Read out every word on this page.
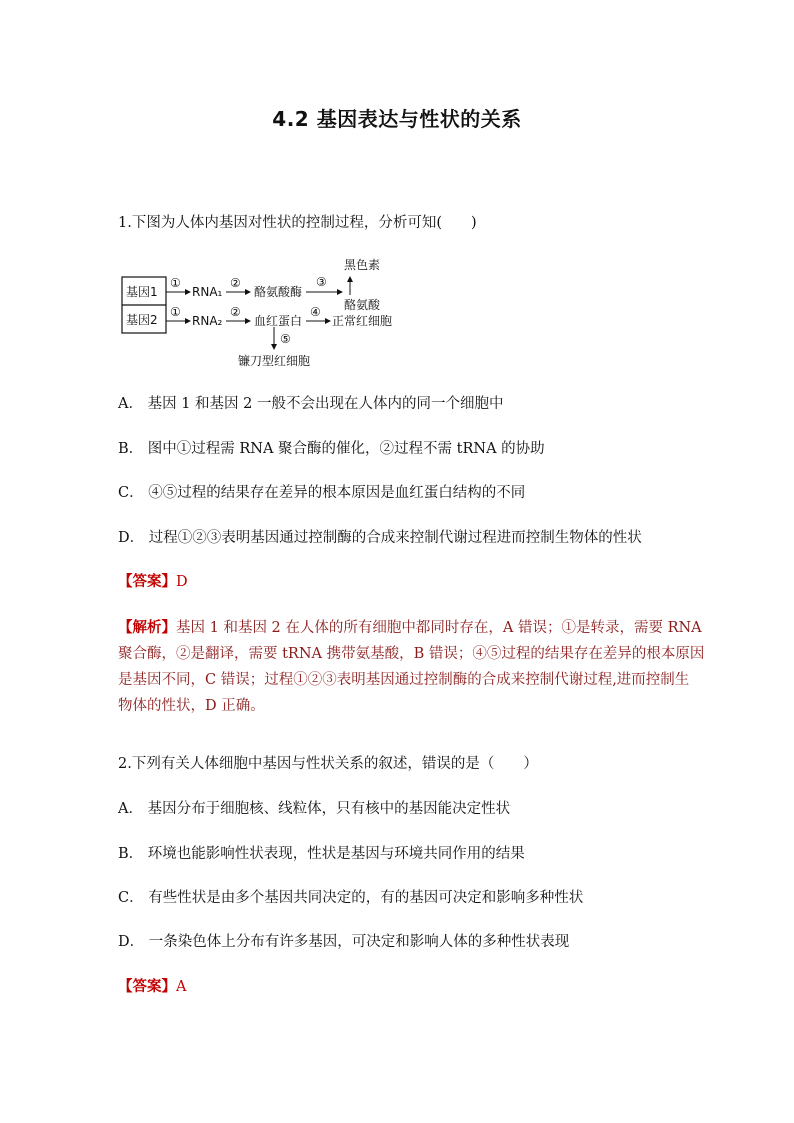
4.2 基因表达与性状的关系
1.下图为人体内基因对性状的控制过程，分析可知(　　)
基因1
基因2
①
RNA₁
②
酪氨酸酶
③
黑色素
酪氨酸
①
RNA₂
②
血红蛋白
④
正常红细胞
⑤
镰刀型红细胞
A． 基因 1 和基因 2 一般不会出现在人体内的同一个细胞中
B． 图中①过程需 RNA 聚合酶的催化，②过程不需 tRNA 的协助
C． ④⑤过程的结果存在差异的根本原因是血红蛋白结构的不同
D． 过程①②③表明基因通过控制酶的合成来控制代谢过程进而控制生物体的性状
【答案】D
【解析】基因 1 和基因 2 在人体的所有细胞中都同时存在，A 错误；①是转录，需要 RNA
聚合酶，②是翻译，需要 tRNA 携带氨基酸，B 错误；④⑤过程的结果存在差异的根本原因
是基因不同，C 错误；过程①②③表明基因通过控制酶的合成来控制代谢过程,进而控制生
物体的性状，D 正确。
2.下列有关人体细胞中基因与性状关系的叙述，错误的是（　　）
A． 基因分布于细胞核、线粒体，只有核中的基因能决定性状
B． 环境也能影响性状表现，性状是基因与环境共同作用的结果
C． 有些性状是由多个基因共同决定的，有的基因可决定和影响多种性状
D． 一条染色体上分布有许多基因，可决定和影响人体的多种性状表现
【答案】A
